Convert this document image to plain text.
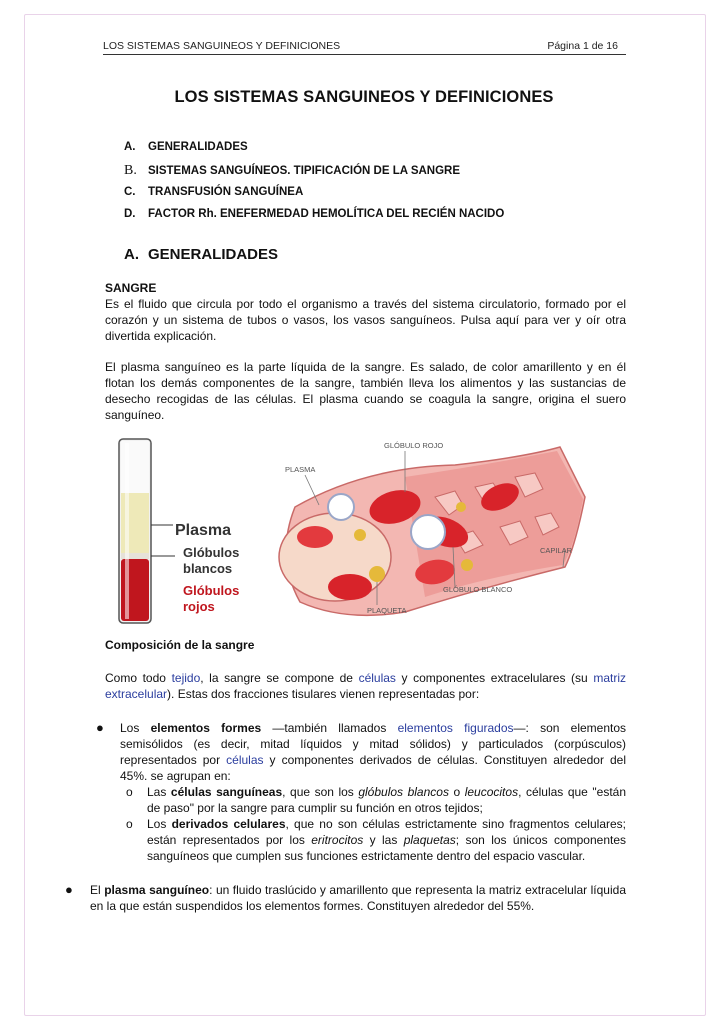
LOS SISTEMAS SANGUINEOS Y DEFINICIONES	Página 1 de 16
LOS SISTEMAS SANGUINEOS Y DEFINICIONES
A. GENERALIDADES
B. SISTEMAS SANGUÍNEOS. TIPIFICACIÓN DE LA SANGRE
C. TRANSFUSIÓN SANGUÍNEA
D. FACTOR Rh. ENEFERMEDAD HEMOLÍTICA DEL RECIÉN NACIDO
A. GENERALIDADES
SANGRE
Es el fluido que circula por todo el organismo a través del sistema circulatorio, formado por el corazón y un sistema de tubos o vasos, los vasos sanguíneos. Pulsa aquí para ver y oír otra divertida explicación.
El plasma sanguíneo es la parte líquida de la sangre. Es salado, de color amarillento y en él flotan los demás componentes de la sangre, también lleva los alimentos y las sustancias de desecho recogidas de las células. El plasma cuando se coagula la sangre, origina el suero sanguíneo.
Plasma
Glóbulos
blancos
Glóbulos
rojos
GLÓBULO ROJO
PLASMA
CAPILAR
GLÓBULO BLANCO
PLAQUETA
Composición de la sangre
Como todo tejido, la sangre se compone de células y componentes extracelulares (su matriz extracelular). Estas dos fracciones tisulares vienen representadas por:
● Los elementos formes —también llamados elementos figurados—: son elementos semisólidos (es decir, mitad líquidos y mitad sólidos) y particulados (corpúsculos) representados por células y componentes derivados de células. Constituyen alrededor del 45%. se agrupan en:
o Las células sanguíneas, que son los glóbulos blancos o leucocitos, células que "están de paso" por la sangre para cumplir su función en otros tejidos;
o Los derivados celulares, que no son células estrictamente sino fragmentos celulares; están representados por los eritrocitos y las plaquetas; son los únicos componentes sanguíneos que cumplen sus funciones estrictamente dentro del espacio vascular.
● El plasma sanguíneo: un fluido traslúcido y amarillento que representa la matriz extracelular líquida en la que están suspendidos los elementos formes. Constituyen alrededor del 55%.
